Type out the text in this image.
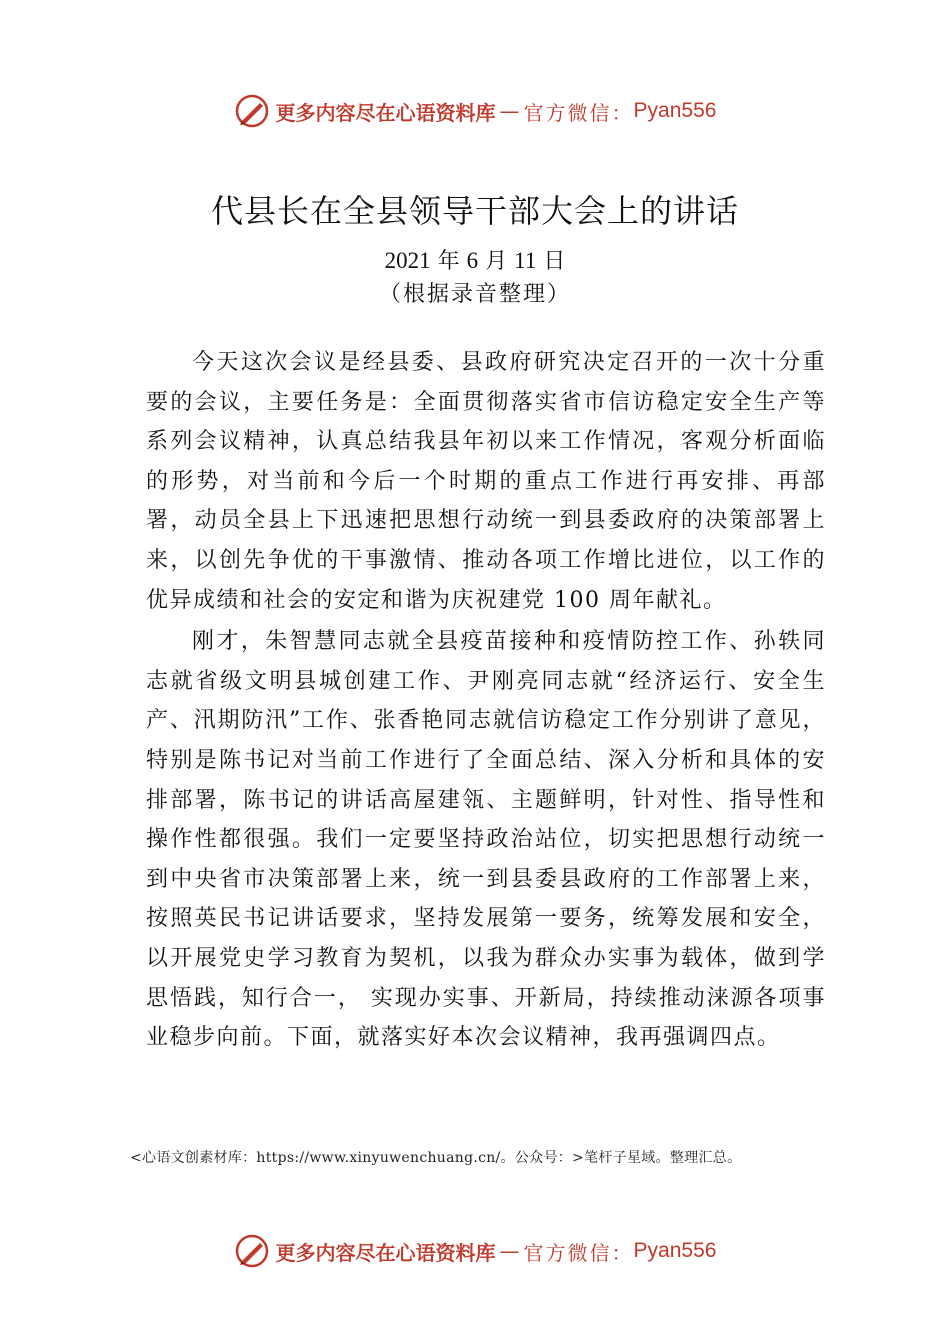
更多内容尽在心语资料库 — 官方微信： Pyan556
代县长在全县领导干部大会上的讲话
2021 年 6 月 11 日
（根据录音整理）

今天这次会议是经县委、县政府研究决定召开的一次十分重要的会议，主要任务是：全面贯彻落实省市信访稳定安全生产等系列会议精神，认真总结我县年初以来工作情况，客观分析面临的形势，对当前和今后一个时期的重点工作进行再安排、再部署，动员全县上下迅速把思想行动统一到县委政府的决策部署上来，以创先争优的干事激情、推动各项工作增比进位，以工作的优异成绩和社会的安定和谐为庆祝建党 100 周年献礼。

刚才，朱智慧同志就全县疫苗接种和疫情防控工作、孙轶同志就省级文明县城创建工作、尹刚亮同志就“经济运行、安全生产、汛期防汛”工作、张香艳同志就信访稳定工作分别讲了意见，特别是陈书记对当前工作进行了全面总结、深入分析和具体的安排部署，陈书记的讲话高屋建瓴、主题鲜明，针对性、指导性和操作性都很强。我们一定要坚持政治站位，切实把思想行动统一到中央省市决策部署上来，统一到县委县政府的工作部署上来，按照英民书记讲话要求，坚持发展第一要务，统筹发展和安全，以开展党史学习教育为契机，以我为群众办实事为载体，做到学思悟践，知行合一， 实现办实事、开新局，持续推动涞源各项事业稳步向前。下面，就落实好本次会议精神，我再强调四点。

<心语文创素材库：https://www.xinyuwenchuang.cn/。公众号：>笔杆子星域。整理汇总。
更多内容尽在心语资料库 — 官方微信： Pyan556
